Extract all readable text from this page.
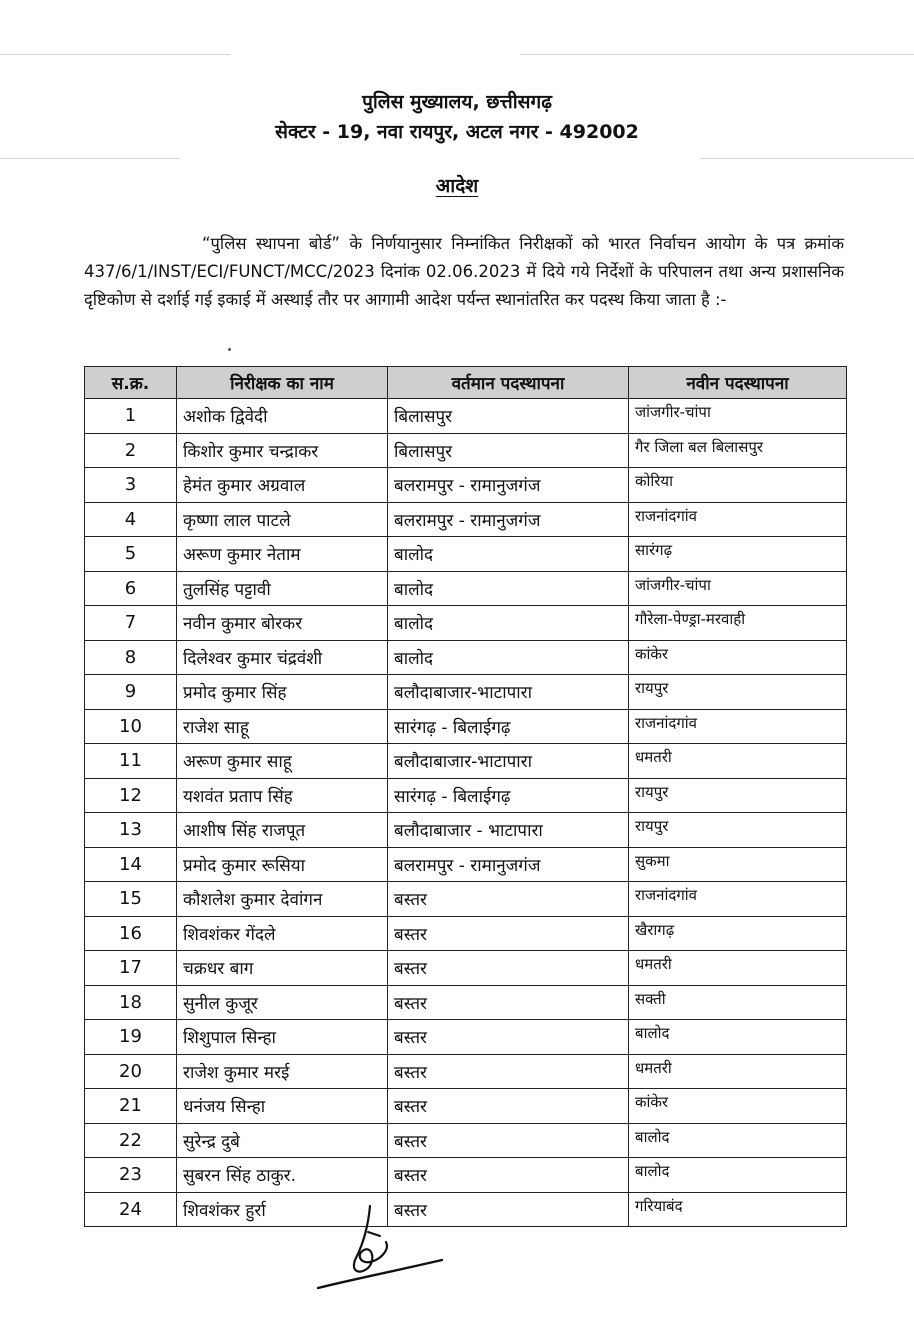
पुलिस मुख्यालय, छत्तीसगढ़
सेक्टर - 19, नवा रायपुर, अटल नगर - 492002
आदेश
“पुलिस स्थापना बोर्ड” के निर्णयानुसार निम्नांकित निरीक्षकों को भारत निर्वाचन आयोग के पत्र क्रमांक 437/6/1/INST/ECI/FUNCT/MCC/2023 दिनांक 02.06.2023 में दिये गये निर्देशों के परिपालन तथा अन्य प्रशासनिक दृष्टिकोण से दर्शाई गई इकाई में अस्थाई तौर पर आगामी आदेश पर्यन्त स्थानांतरित कर पदस्थ किया जाता है :-
स.क्र.	निरीक्षक का नाम	वर्तमान पदस्थापना	नवीन पदस्थापना
1	अशोक द्विवेदी	बिलासपुर	जांजगीर-चांपा
2	किशोर कुमार चन्द्राकर	बिलासपुर	गैर जिला बल बिलासपुर
3	हेमंत कुमार अग्रवाल	बलरामपुर - रामानुजगंज	कोरिया
4	कृष्णा लाल पाटले	बलरामपुर - रामानुजगंज	राजनांदगांव
5	अरूण कुमार नेताम	बालोद	सारंगढ़
6	तुलसिंह पट्टावी	बालोद	जांजगीर-चांपा
7	नवीन कुमार बोरकर	बालोद	गौरेला-पेण्ड्रा-मरवाही
8	दिलेश्वर कुमार चंद्रवंशी	बालोद	कांकेर
9	प्रमोद कुमार सिंह	बलौदाबाजार-भाटापारा	रायपुर
10	राजेश साहू	सारंगढ़ - बिलाईगढ़	राजनांदगांव
11	अरूण कुमार साहू	बलौदाबाजार-भाटापारा	धमतरी
12	यशवंत प्रताप सिंह	सारंगढ़ - बिलाईगढ़	रायपुर
13	आशीष सिंह राजपूत	बलौदाबाजार - भाटापारा	रायपुर
14	प्रमोद कुमार रूसिया	बलरामपुर - रामानुजगंज	सुकमा
15	कौशलेश कुमार देवांगन	बस्तर	राजनांदगांव
16	शिवशंकर गेंदले	बस्तर	खैरागढ़
17	चक्रधर बाग	बस्तर	धमतरी
18	सुनील कुजूर	बस्तर	सक्ती
19	शिशुपाल सिन्हा	बस्तर	बालोद
20	राजेश कुमार मरई	बस्तर	धमतरी
21	धनंजय सिन्हा	बस्तर	कांकेर
22	सुरेन्द्र दुबे	बस्तर	बालोद
23	सुबरन सिंह ठाकुर.	बस्तर	बालोद
24	शिवशंकर हुर्रा	बस्तर	गरियाबंद
